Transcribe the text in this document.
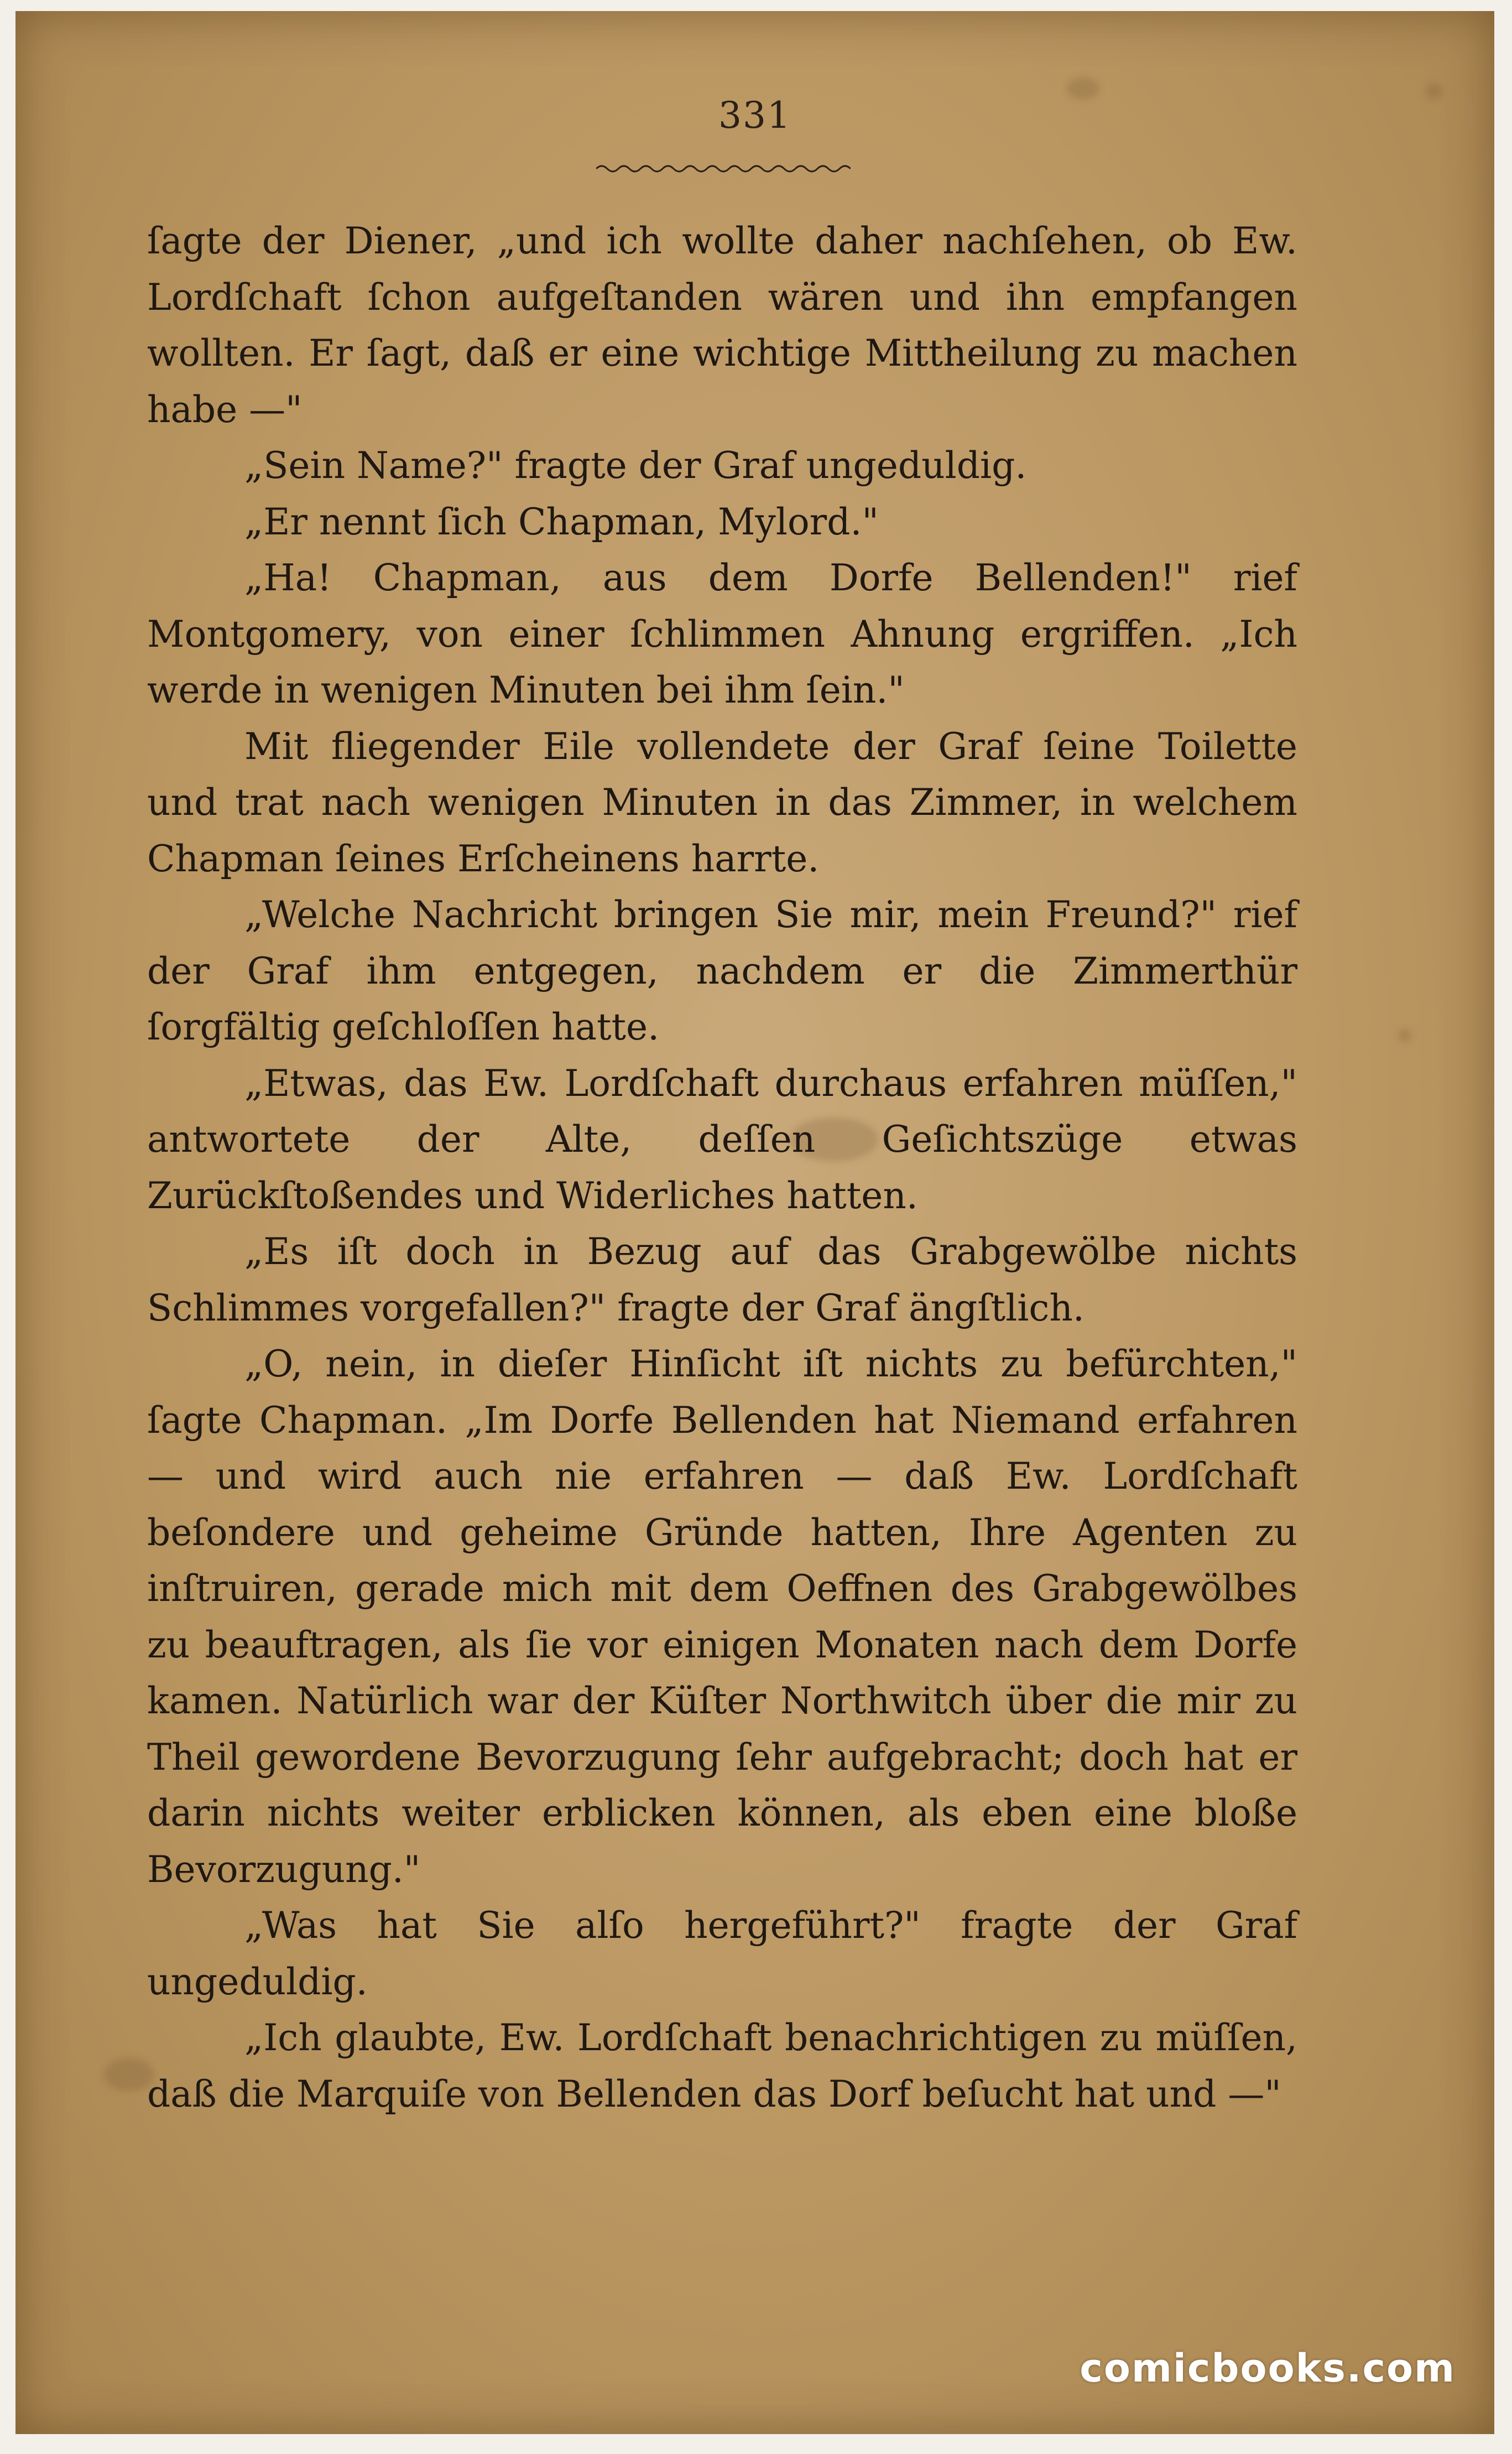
331

ſagte der Diener, „und ich wollte daher nachſehen, ob Ew. Lordſchaft ſchon aufgeſtanden wären und ihn empfangen wollten. Er ſagt, daß er eine wichtige Mittheilung zu machen habe —"

„Sein Name?" fragte der Graf ungeduldig.

„Er nennt ſich Chapman, Mylord."

„Ha! Chapman, aus dem Dorfe Bellenden!" rief Montgomery, von einer ſchlimmen Ahnung ergriffen. „Ich werde in wenigen Minuten bei ihm ſein."

Mit fliegender Eile vollendete der Graf ſeine Toilette und trat nach wenigen Minuten in das Zimmer, in welchem Chapman ſeines Erſcheinens harrte.

„Welche Nachricht bringen Sie mir, mein Freund?" rief der Graf ihm entgegen, nachdem er die Zimmerthür ſorgfältig geſchloſſen hatte.

„Etwas, das Ew. Lordſchaft durchaus erfahren müſſen," antwortete der Alte, deſſen Geſichtszüge etwas Zurückſtoßendes und Widerliches hatten.

„Es iſt doch in Bezug auf das Grabgewölbe nichts Schlimmes vorgefallen?" fragte der Graf ängſtlich.

„O, nein, in dieſer Hinſicht iſt nichts zu befürchten," ſagte Chapman. „Im Dorfe Bellenden hat Niemand erfahren — und wird auch nie erfahren — daß Ew. Lordſchaft beſondere und geheime Gründe hatten, Ihre Agenten zu inſtruiren, gerade mich mit dem Oeffnen des Grabgewölbes zu beauftragen, als ſie vor einigen Monaten nach dem Dorfe kamen. Natürlich war der Küſter Northwitch über die mir zu Theil gewordene Bevorzugung ſehr aufgebracht; doch hat er darin nichts weiter erblicken können, als eben eine bloße Bevorzugung."

„Was hat Sie alſo hergeführt?" fragte der Graf ungeduldig.

„Ich glaubte, Ew. Lordſchaft benachrichtigen zu müſſen, daß die Marquiſe von Bellenden das Dorf beſucht hat und —"

comicbooks.com
